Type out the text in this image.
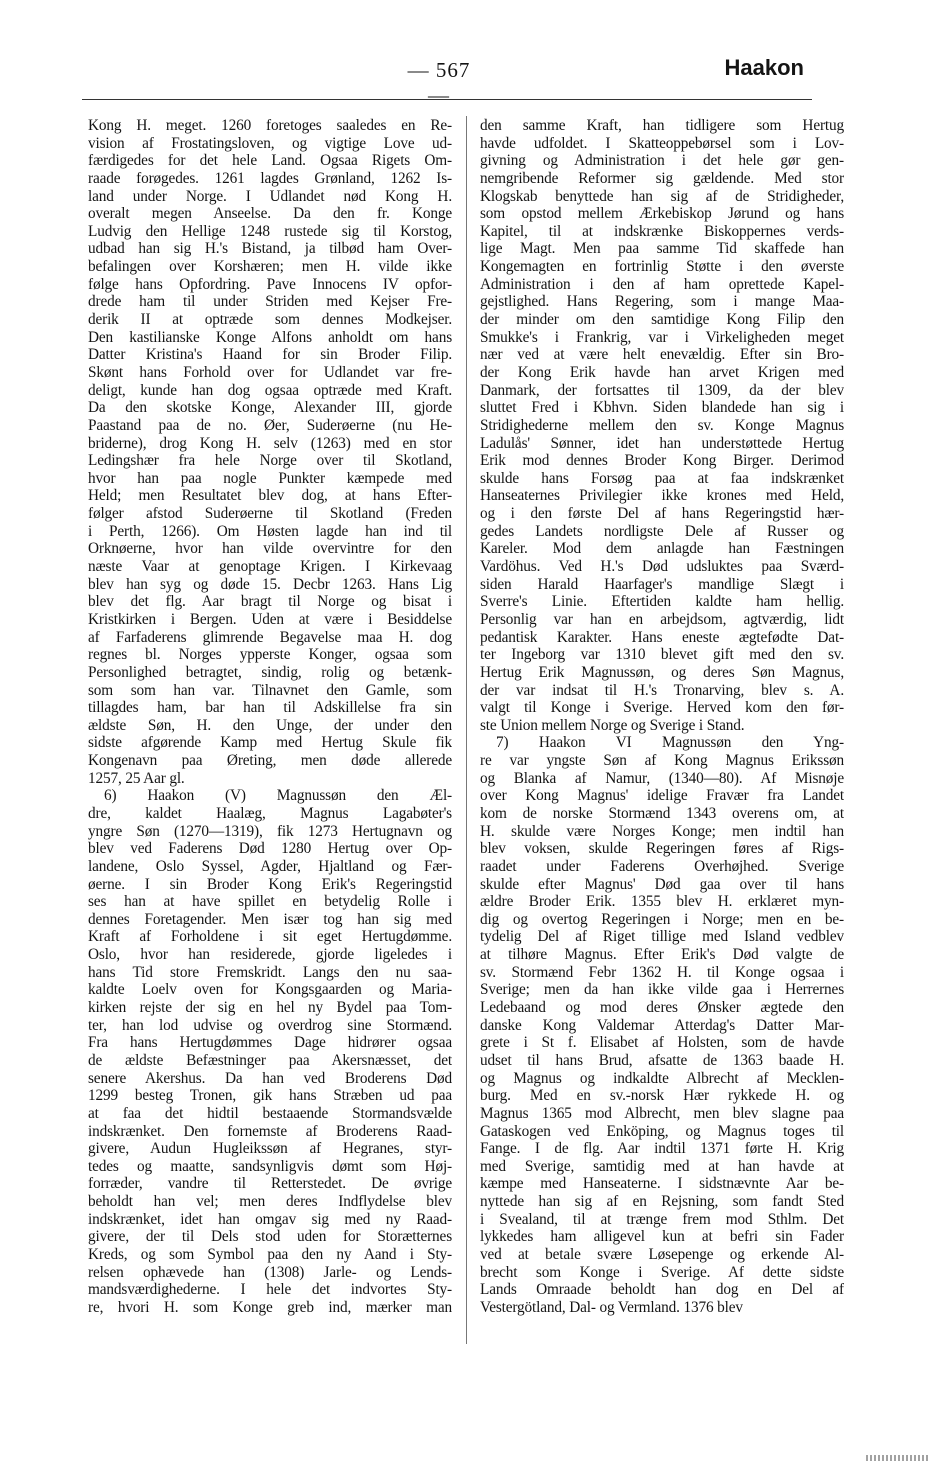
— 567 —
Haakon
Kong H. meget. 1260 foretoges saaledes en Re-
vision af Frostatingsloven, og vigtige Love ud-
færdigedes for det hele Land. Ogsaa Rigets Om-
raade forøgedes. 1261 lagdes Grønland, 1262 Is-
land under Norge. I Udlandet nød Kong H.
overalt megen Anseelse. Da den fr. Konge
Ludvig den Hellige 1248 rustede sig til Korstog,
udbad han sig H.'s Bistand, ja tilbød ham Over-
befalingen over Korshæren; men H. vilde ikke
følge hans Opfordring. Pave Innocens IV opfor-
drede ham til under Striden med Kejser Fre-
derik II at optræde som dennes Modkejser.
Den kastilianske Konge Alfons anholdt om hans
Datter Kristina's Haand for sin Broder Filip.
Skønt hans Forhold over for Udlandet var fre-
deligt, kunde han dog ogsaa optræde med Kraft.
Da den skotske Konge, Alexander III, gjorde
Paastand paa de no. Øer, Suderøerne (nu He-
briderne), drog Kong H. selv (1263) med en stor
Ledingshær fra hele Norge over til Skotland,
hvor han paa nogle Punkter kæmpede med
Held; men Resultatet blev dog, at hans Efter-
følger afstod Suderøerne til Skotland (Freden
i Perth, 1266). Om Høsten lagde han ind til
Orknøerne, hvor han vilde overvintre for den
næste Vaar at genoptage Krigen. I Kirkevaag
blev han syg og døde 15. Decbr 1263. Hans Lig
blev det flg. Aar bragt til Norge og bisat i
Kristkirken i Bergen. Uden at være i Besiddelse
af Farfaderens glimrende Begavelse maa H. dog
regnes bl. Norges ypperste Konger, ogsaa som
Personlighed betragtet, sindig, rolig og betænk-
som som han var. Tilnavnet den Gamle, som
tillagdes ham, bar han til Adskillelse fra sin
ældste Søn, H. den Unge, der under den
sidste afgørende Kamp med Hertug Skule fik
Kongenavn paa Øreting, men døde allerede
1257, 25 Aar gl.
6) Haakon (V) Magnussøn den Æl-
dre, kaldet Haalæg, Magnus Lagabøter's
yngre Søn (1270—1319), fik 1273 Hertugnavn og
blev ved Faderens Død 1280 Hertug over Op-
landene, Oslo Syssel, Agder, Hjaltland og Fær-
øerne. I sin Broder Kong Erik's Regeringstid
ses han at have spillet en betydelig Rolle i
dennes Foretagender. Men især tog han sig med
Kraft af Forholdene i sit eget Hertugdømme.
Oslo, hvor han residerede, gjorde ligeledes i
hans Tid store Fremskridt. Langs den nu saa-
kaldte Loelv oven for Kongsgaarden og Maria-
kirken rejste der sig en hel ny Bydel paa Tom-
ter, han lod udvise og overdrog sine Stormænd.
Fra hans Hertugdømmes Dage hidrører ogsaa
de ældste Befæstninger paa Akersnæsset, det
senere Akershus. Da han ved Broderens Død
1299 besteg Tronen, gik hans Stræben ud paa
at faa det hidtil bestaaende Stormandsvælde
indskrænket. Den fornemste af Broderens Raad-
givere, Audun Hugleikssøn af Hegranes, styr-
tedes og maatte, sandsynligvis dømt som Høj-
forræder, vandre til Retterstedet. De øvrige
beholdt han vel; men deres Indflydelse blev
indskrænket, idet han omgav sig med ny Raad-
givere, der til Dels stod uden for Storætternes
Kreds, og som Symbol paa den ny Aand i Sty-
relsen ophævede han (1308) Jarle- og Lends-
mandsværdighederne. I hele det indvortes Sty-
re, hvori H. som Konge greb ind, mærker man
den samme Kraft, han tidligere som Hertug
havde udfoldet. I Skatteoppebørsel som i Lov-
givning og Administration i det hele gør gen-
nemgribende Reformer sig gældende. Med stor
Klogskab benyttede han sig af de Stridigheder,
som opstod mellem Ærkebiskop Jørund og hans
Kapitel, til at indskrænke Biskoppernes verds-
lige Magt. Men paa samme Tid skaffede han
Kongemagten en fortrinlig Støtte i den øverste
Administration i den af ham oprettede Kapel-
gejstlighed. Hans Regering, som i mange Maa-
der minder om den samtidige Kong Filip den
Smukke's i Frankrig, var i Virkeligheden meget
nær ved at være helt enevældig. Efter sin Bro-
der Kong Erik havde han arvet Krigen med
Danmark, der fortsattes til 1309, da der blev
sluttet Fred i Kbhvn. Siden blandede han sig i
Stridighederne mellem den sv. Konge Magnus
Ladulås' Sønner, idet han understøttede Hertug
Erik mod dennes Broder Kong Birger. Derimod
skulde hans Forsøg paa at faa indskrænket
Hanseaternes Privilegier ikke krones med Held,
og i den første Del af hans Regeringstid hær-
gedes Landets nordligste Dele af Russer og
Kareler. Mod dem anlagde han Fæstningen
Vardöhus. Ved H.'s Død udsluktes paa Sværd-
siden Harald Haarfager's mandlige Slægt i
Sverre's Linie. Eftertiden kaldte ham hellig.
Personlig var han en arbejdsom, agtværdig, lidt
pedantisk Karakter. Hans eneste ægtefødte Dat-
ter Ingeborg var 1310 blevet gift med den sv.
Hertug Erik Magnussøn, og deres Søn Magnus,
der var indsat til H.'s Tronarving, blev s. A.
valgt til Konge i Sverige. Herved kom den før-
ste Union mellem Norge og Sverige i Stand.
7) Haakon VI Magnussøn den Yng-
re var yngste Søn af Kong Magnus Erikssøn
og Blanka af Namur, (1340—80). Af Misnøje
over Kong Magnus' idelige Fravær fra Landet
kom de norske Stormænd 1343 overens om, at
H. skulde være Norges Konge; men indtil han
blev voksen, skulde Regeringen føres af Rigs-
raadet under Faderens Overhøjhed. Sverige
skulde efter Magnus' Død gaa over til hans
ældre Broder Erik. 1355 blev H. erklæret myn-
dig og overtog Regeringen i Norge; men en be-
tydelig Del af Riget tillige med Island vedblev
at tilhøre Magnus. Efter Erik's Død valgte de
sv. Stormænd Febr 1362 H. til Konge ogsaa i
Sverige; men da han ikke vilde gaa i Herrernes
Ledebaand og mod deres Ønsker ægtede den
danske Kong Valdemar Atterdag's Datter Mar-
grete i St f. Elisabet af Holsten, som de havde
udset til hans Brud, afsatte de 1363 baade H.
og Magnus og indkaldte Albrecht af Mecklen-
burg. Med en sv.-norsk Hær rykkede H. og
Magnus 1365 mod Albrecht, men blev slagne paa
Gataskogen ved Enköping, og Magnus toges til
Fange. I de flg. Aar indtil 1371 førte H. Krig
med Sverige, samtidig med at han havde at
kæmpe med Hanseaterne. I sidstnævnte Aar be-
nyttede han sig af en Rejsning, som fandt Sted
i Svealand, til at trænge frem mod Sthlm. Det
lykkedes ham alligevel kun at befri sin Fader
ved at betale svære Løsepenge og erkende Al-
brecht som Konge i Sverige. Af dette sidste
Lands Omraade beholdt han dog en Del af
Vestergötland, Dal- og Vermland. 1376 blev
